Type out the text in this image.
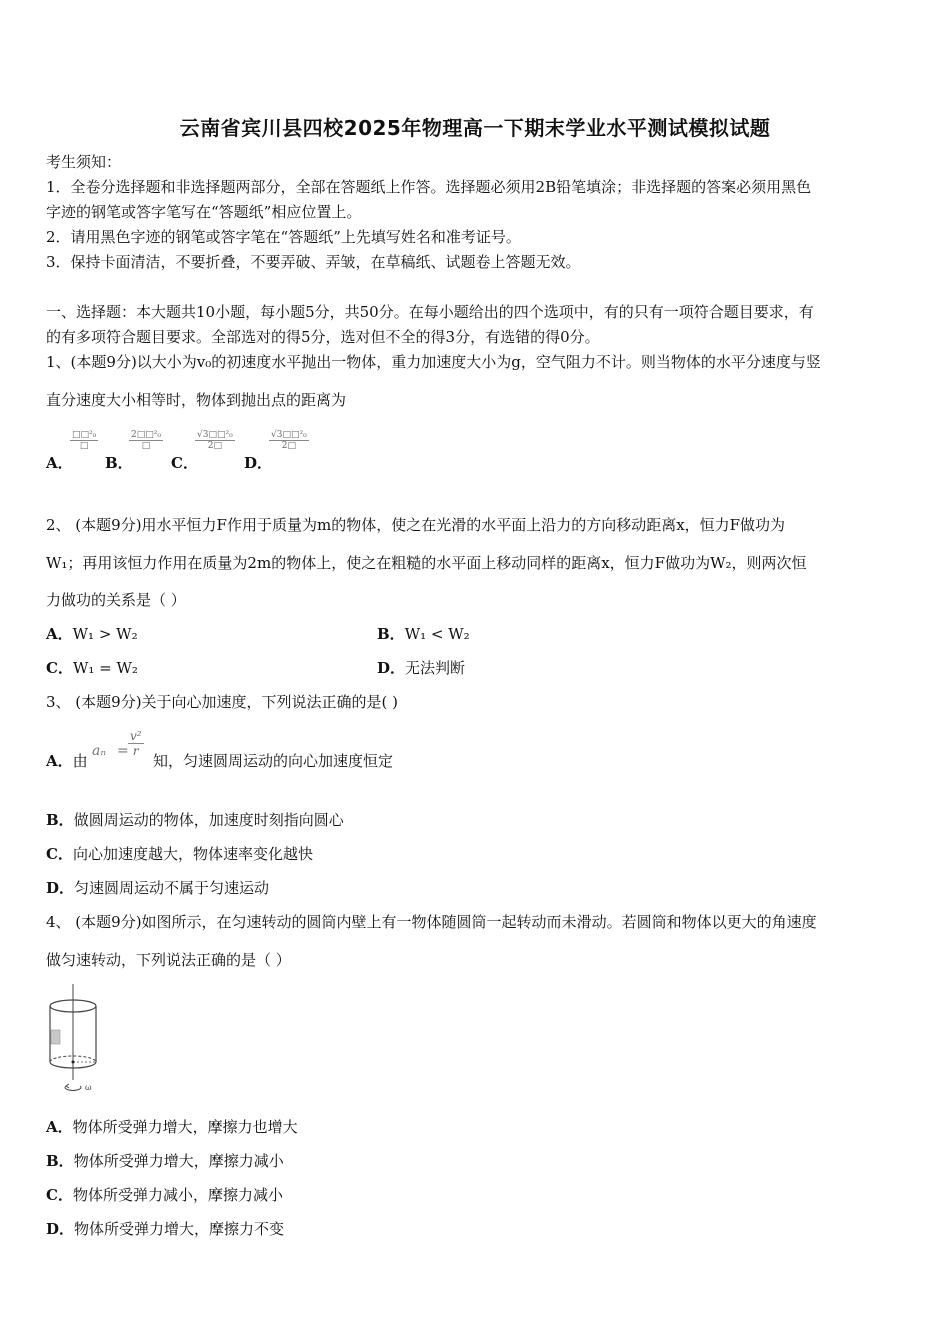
云南省宾川县四校2025年物理高一下期末学业水平测试模拟试题
考生须知：
1．全卷分选择题和非选择题两部分，全部在答题纸上作答。选择题必须用2B铅笔填涂；非选择题的答案必须用黑色
字迹的钢笔或答字笔写在“答题纸”相应位置上。
2．请用黑色字迹的钢笔或答字笔在“答题纸”上先填写姓名和准考证号。
3．保持卡面清洁，不要折叠，不要弄破、弄皱，在草稿纸、试题卷上答题无效。
一、选择题：本大题共10小题，每小题5分，共50分。在每小题给出的四个选项中，有的只有一项符合题目要求，有
的有多项符合题目要求。全部选对的得5分，选对但不全的得3分，有选错的得0分。
1、(本题9分)以大小为v₀的初速度水平抛出一物体，重力加速度大小为g，空气阻力不计。则当物体的水平分速度与竖
直分速度大小相等时，物体到抛出点的距离为
A．
□□²₀
□
B．
2□□²₀
□
C．
$\frac{\text{√3□□²₀}}{2□}$
D．
$\frac{\text{√3□□²₀}}{2□}$
2、 (本题9分)用水平恒力F作用于质量为m的物体，使之在光滑的水平面上沿力的方向移动距离x，恒力F做功为
W₁；再用该恒力作用在质量为2m的物体上，使之在粗糙的水平面上移动同样的距离x，恒力F做功为W₂，则两次恒
力做功的关系是（ ）
A．W₁ > W₂	B．W₁ < W₂
C．W₁ = W₂	D．无法判断
3、 (本题9分)关于向心加速度，下列说法正确的是( )
A．由
$a_n = \frac{\text{v²}}{r}$
知，匀速圆周运动的向心加速度恒定
B．做圆周运动的物体，加速度时刻指向圆心
C．向心加速度越大，物体速率变化越快
D．匀速圆周运动不属于匀速运动
4、 (本题9分)如图所示，在匀速转动的圆筒内壁上有一物体随圆筒一起转动而未滑动。若圆筒和物体以更大的角速度
做匀速转动，下列说法正确的是（ ）
ω
A．物体所受弹力增大，摩擦力也增大
B．物体所受弹力增大，摩擦力减小
C．物体所受弹力减小，摩擦力减小
D．物体所受弹力增大，摩擦力不变
